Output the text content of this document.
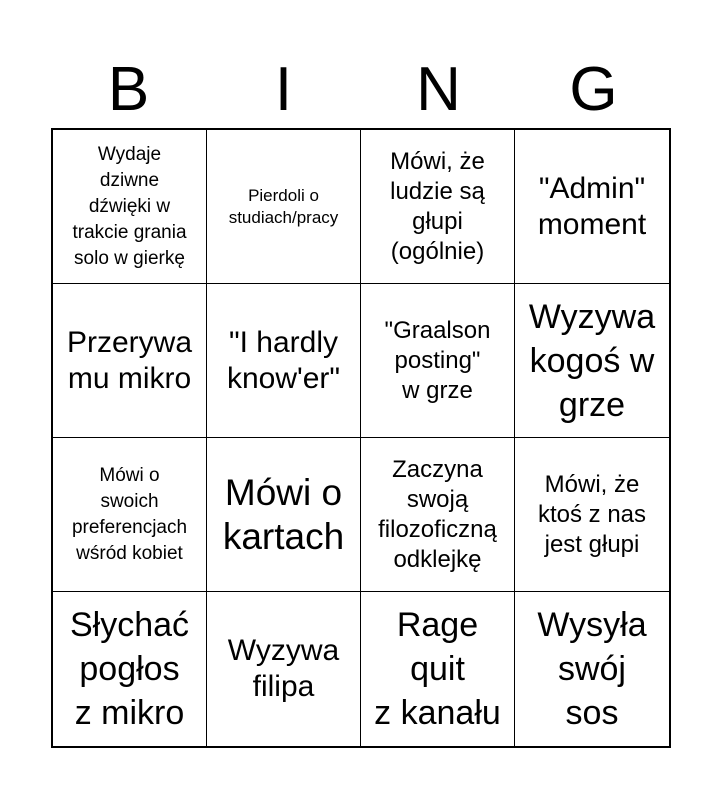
B	I	N	G
Wydaje
dziwne
dźwięki w
trakcie grania
solo w gierkę
Pierdoli o
studiach/pracy
Mówi, że
ludzie są
głupi
(ogólnie)
"Admin"
moment
Przerywa
mu mikro
"I hardly
know'er"
"Graalson
posting"
w grze
Wyzywa
kogoś w
grze
Mówi o
swoich
preferencjach
wśród kobiet
Mówi o
kartach
Zaczyna
swoją
filozoficzną
odklejkę
Mówi, że
ktoś z nas
jest głupi
Słychać
pogłos
z mikro
Wyzywa
filipa
Rage
quit
z kanału
Wysyła
swój
sos
